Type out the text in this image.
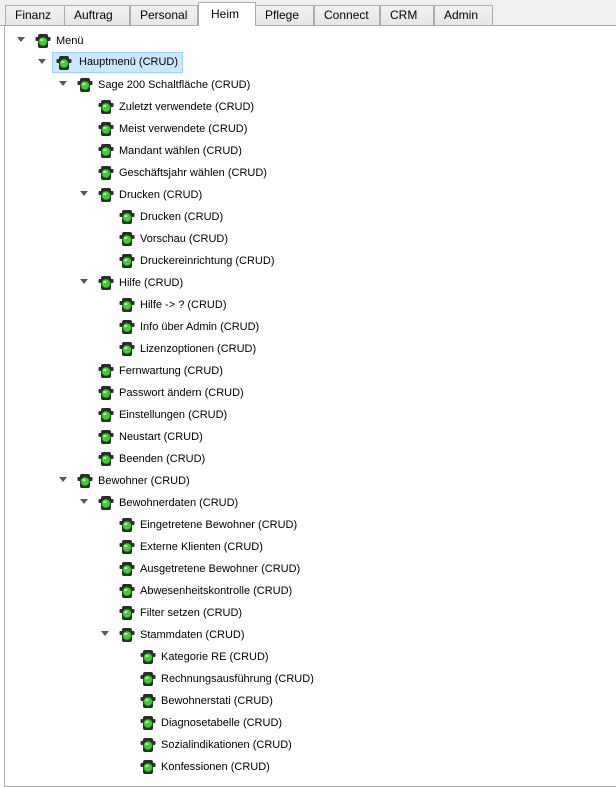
Finanz	Auftrag	Personal	Heim	Pflege	Connect	CRM	Admin
Menü
Hauptmenü (CRUD)
Sage 200 Schaltfläche (CRUD)
Zuletzt verwendete (CRUD)
Meist verwendete (CRUD)
Mandant wählen (CRUD)
Geschäftsjahr wählen (CRUD)
Drucken (CRUD)
Drucken (CRUD)
Vorschau (CRUD)
Druckereinrichtung (CRUD)
Hilfe (CRUD)
Hilfe -> ? (CRUD)
Info über Admin (CRUD)
Lizenzoptionen (CRUD)
Fernwartung (CRUD)
Passwort ändern (CRUD)
Einstellungen (CRUD)
Neustart (CRUD)
Beenden (CRUD)
Bewohner (CRUD)
Bewohnerdaten (CRUD)
Eingetretene Bewohner (CRUD)
Externe Klienten (CRUD)
Ausgetretene Bewohner (CRUD)
Abwesenheitskontrolle (CRUD)
Filter setzen (CRUD)
Stammdaten (CRUD)
Kategorie RE (CRUD)
Rechnungsausführung (CRUD)
Bewohnerstati (CRUD)
Diagnosetabelle (CRUD)
Sozialindikationen (CRUD)
Konfessionen (CRUD)
